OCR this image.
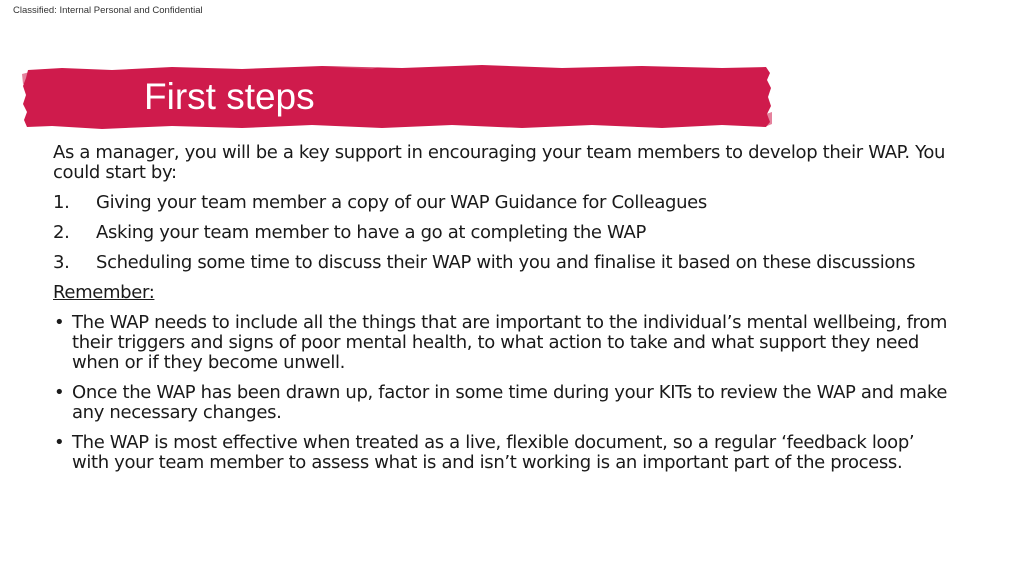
Classified: Internal Personal and Confidential
First steps
As a manager, you will be a key support in encouraging your team members to develop their WAP. You could start by:
1. Giving your team member a copy of our WAP Guidance for Colleagues
2. Asking your team member to have a go at completing the WAP
3. Scheduling some time to discuss their WAP with you and finalise it based on these discussions
Remember:
• The WAP needs to include all the things that are important to the individual’s mental wellbeing, from their triggers and signs of poor mental health, to what action to take and what support they need when or if they become unwell.
• Once the WAP has been drawn up, factor in some time during your KITs to review the WAP and make any necessary changes.
• The WAP is most effective when treated as a live, flexible document, so a regular ‘feedback loop’ with your team member to assess what is and isn’t working is an important part of the process.
